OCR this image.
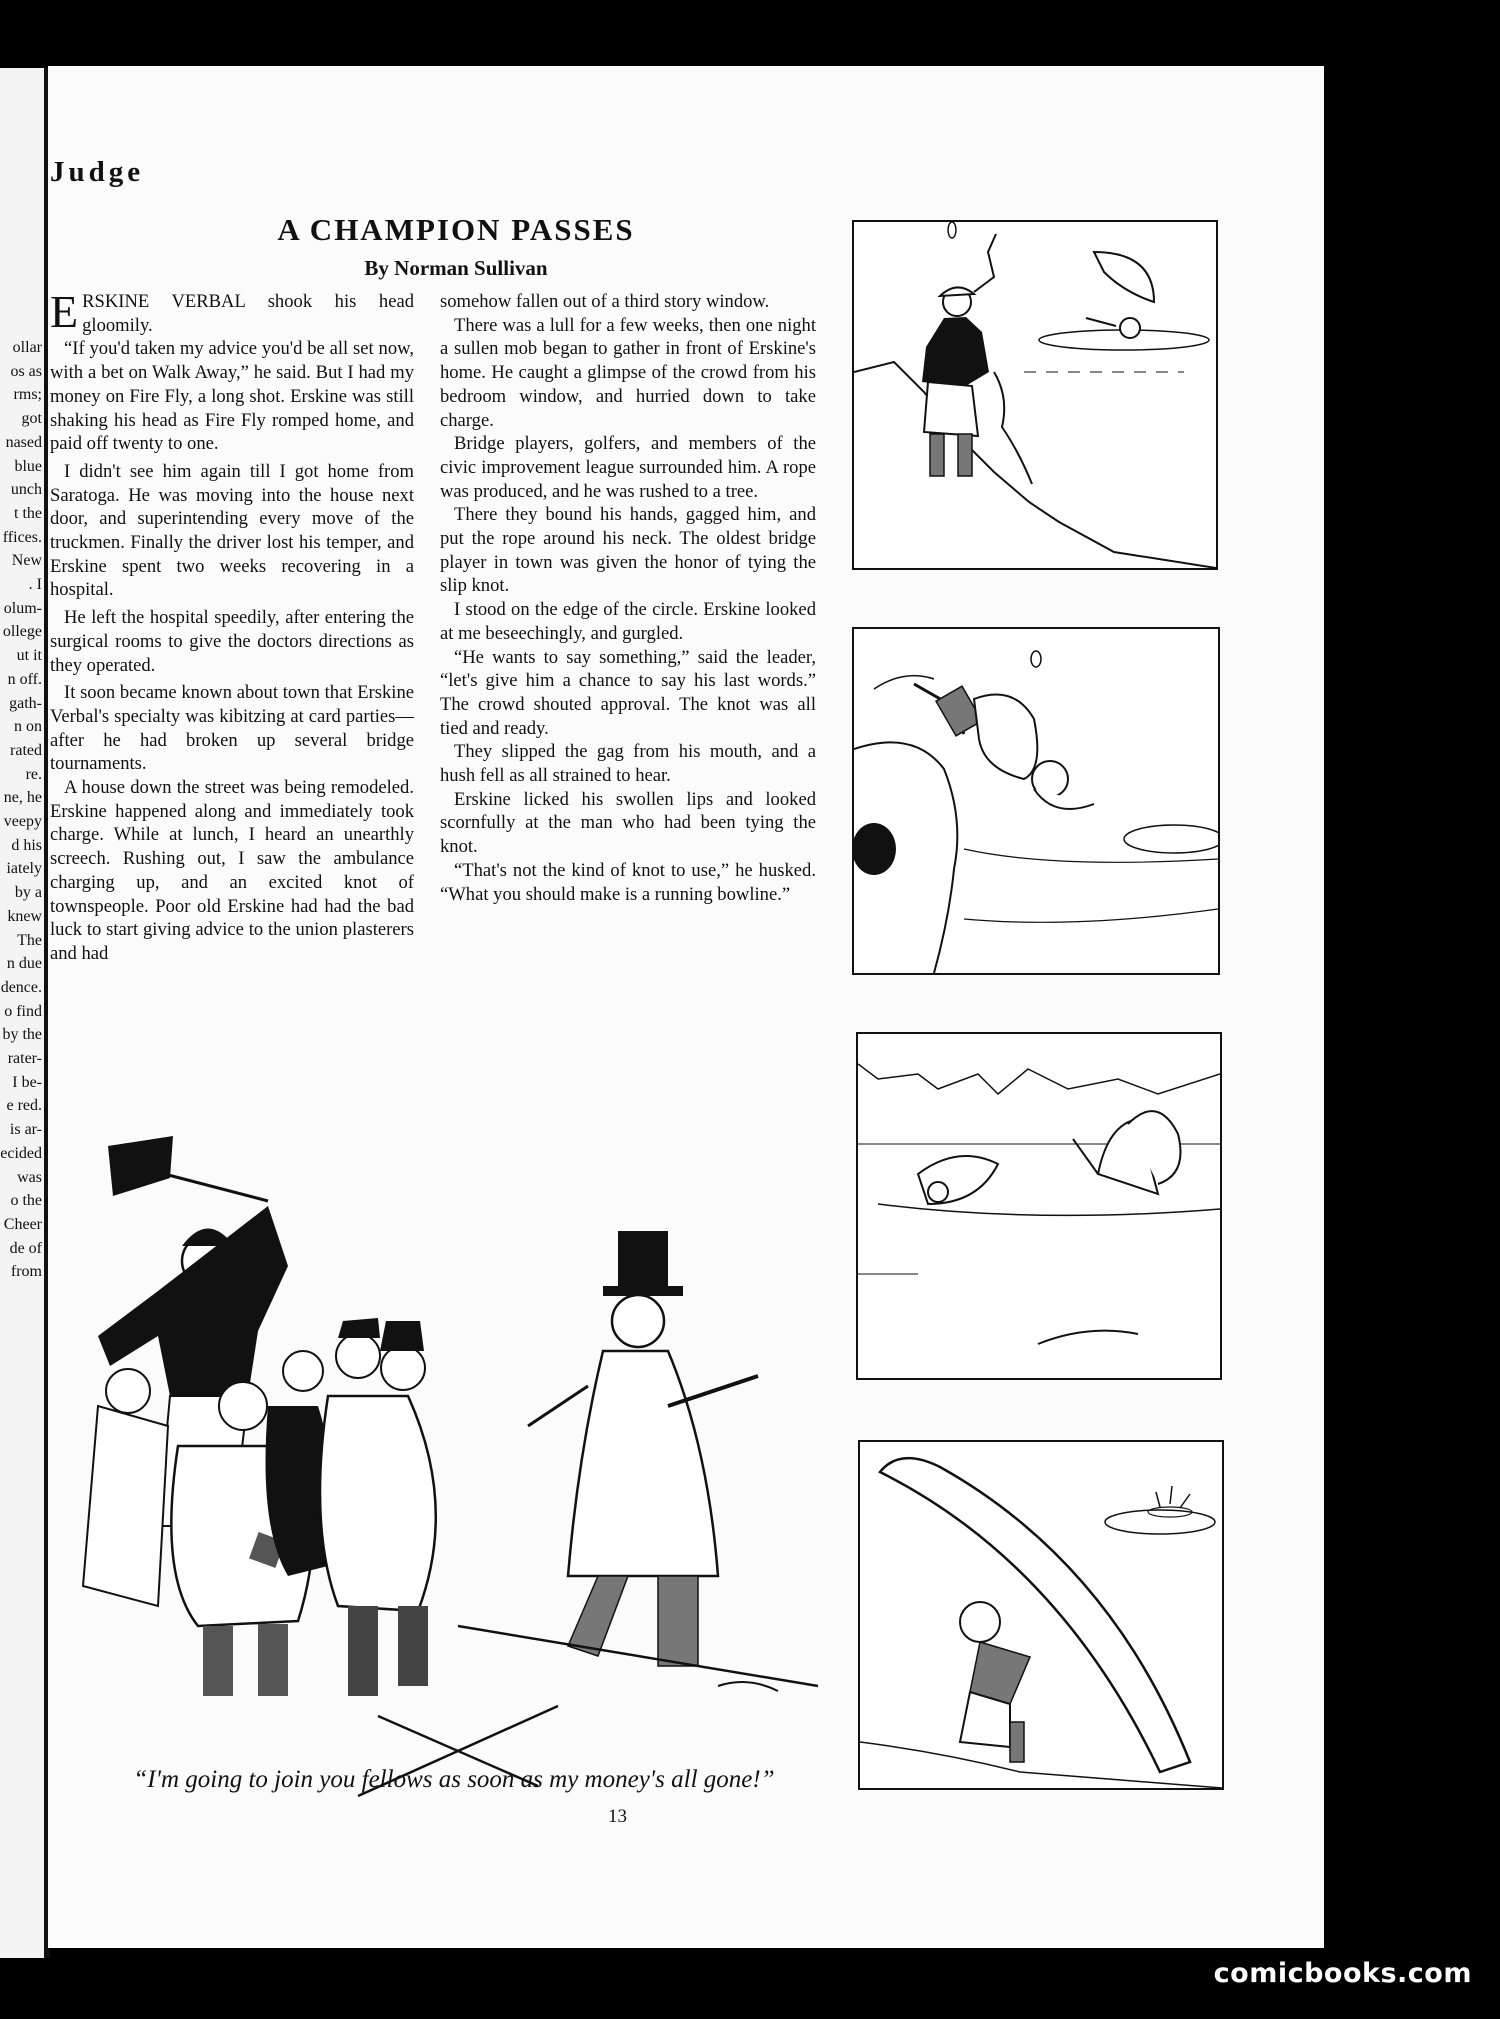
ollar
os as
rms;
got
nased
blue
unch
t the
ffices.
New
. I
olum-
ollege
ut it
n off.
gath-
n on
rated
re.
ne, he
veepy
d his
iately
by a
knew
The
n due
dence.
o find
by the
rater-
I be-
e red.
is ar-
ecided
was
o the
Cheer
de of
from
Judge
A CHAMPION PASSES
By Norman Sullivan

ERSKINE VERBAL shook his head gloomily.

“If you'd taken my advice you'd be all set now, with a bet on Walk Away,” he said. But I had my money on Fire Fly, a long shot. Erskine was still shaking his head as Fire Fly romped home, and paid off twenty to one.

I didn't see him again till I got home from Saratoga. He was moving into the house next door, and superintending every move of the truckmen. Finally the driver lost his temper, and Erskine spent two weeks recovering in a hospital.

He left the hospital speedily, after entering the surgical rooms to give the doctors directions as they operated.

It soon became known about town that Erskine Verbal's specialty was kibitzing at card parties—after he had broken up several bridge tournaments.

A house down the street was being remodeled. Erskine happened along and immediately took charge. While at lunch, I heard an unearthly screech. Rushing out, I saw the ambulance charging up, and an excited knot of townspeople. Poor old Erskine had had the bad luck to start giving advice to the union plasterers and had

somehow fallen out of a third story window.

There was a lull for a few weeks, then one night a sullen mob began to gather in front of Erskine's home. He caught a glimpse of the crowd from his bedroom window, and hurried down to take charge.

Bridge players, golfers, and members of the civic improvement league surrounded him. A rope was produced, and he was rushed to a tree.

There they bound his hands, gagged him, and put the rope around his neck. The oldest bridge player in town was given the honor of tying the slip knot.

I stood on the edge of the circle. Erskine looked at me beseechingly, and gurgled.

“He wants to say something,” said the leader, “let's give him a chance to say his last words.” The crowd shouted approval. The knot was all tied and ready.

They slipped the gag from his mouth, and a hush fell as all strained to hear.

Erskine licked his swollen lips and looked scornfully at the man who had been tying the knot.

“That's not the kind of knot to use,” he husked. “What you should make is a running bowline.”

“I'm going to join you fellows as soon as my money's all gone!”
13
comicbooks.com
